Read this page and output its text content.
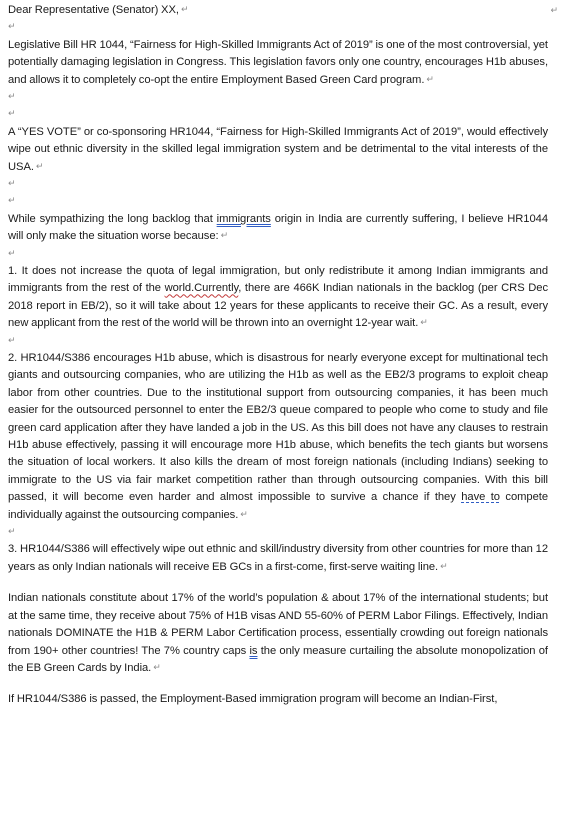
↵

Dear Representative (Senator) XX, ↵

↵

Legislative Bill HR 1044, “Fairness for High-Skilled Immigrants Act of 2019” is one of the most controversial, yet potentially damaging legislation in Congress. This legislation favors only one country, encourages H1b abuses, and allows it to completely co-opt the entire Employment Based Green Card program. ↵

↵
↵

A “YES VOTE” or co-sponsoring HR1044, “Fairness for High-Skilled Immigrants Act of 2019”, would effectively wipe out ethnic diversity in the skilled legal immigration system and be detrimental to the vital interests of the USA. ↵

↵
↵

While sympathizing the long backlog that immigrants origin in India are currently suffering, I believe HR1044 will only make the situation worse because: ↵

↵

1. It does not increase the quota of legal immigration, but only redistribute it among Indian immigrants and immigrants from the rest of the world.Currently, there are 466K Indian nationals in the backlog (per CRS Dec 2018 report in EB/2), so it will take about 12 years for these applicants to receive their GC. As a result, every new applicant from the rest of the world will be thrown into an overnight 12-year wait. ↵

↵

2. HR1044/S386 encourages H1b abuse, which is disastrous for nearly everyone except for multinational tech giants and outsourcing companies, who are utilizing the H1b as well as the EB2/3 programs to exploit cheap labor from other countries. Due to the institutional support from outsourcing companies, it has been much easier for the outsourced personnel to enter the EB2/3 queue compared to people who come to study and file green card application after they have landed a job in the US. As this bill does not have any clauses to restrain H1b abuse effectively, passing it will encourage more H1b abuse, which benefits the tech giants but worsens the situation of local workers. It also kills the dream of most foreign nationals (including Indians) seeking to immigrate to the US via fair market competition rather than through outsourcing companies. With this bill passed, it will become even harder and almost impossible to survive a chance if they have to compete individually against the outsourcing companies. ↵

↵

3. HR1044/S386 will effectively wipe out ethnic and skill/industry diversity from other countries for more than 12 years as only Indian nationals will receive EB GCs in a first-come, first-serve waiting line. ↵

Indian nationals constitute about 17% of the world’s population & about 17% of the international students; but at the same time, they receive about 75% of H1B visas AND 55-60% of PERM Labor Filings. Effectively, Indian nationals DOMINATE the H1B & PERM Labor Certification process, essentially crowding out foreign nationals from 190+ other countries! The 7% country caps is the only measure curtailing the absolute monopolization of the EB Green Cards by India. ↵

If HR1044/S386 is passed, the Employment-Based immigration program will become an Indian-First,
